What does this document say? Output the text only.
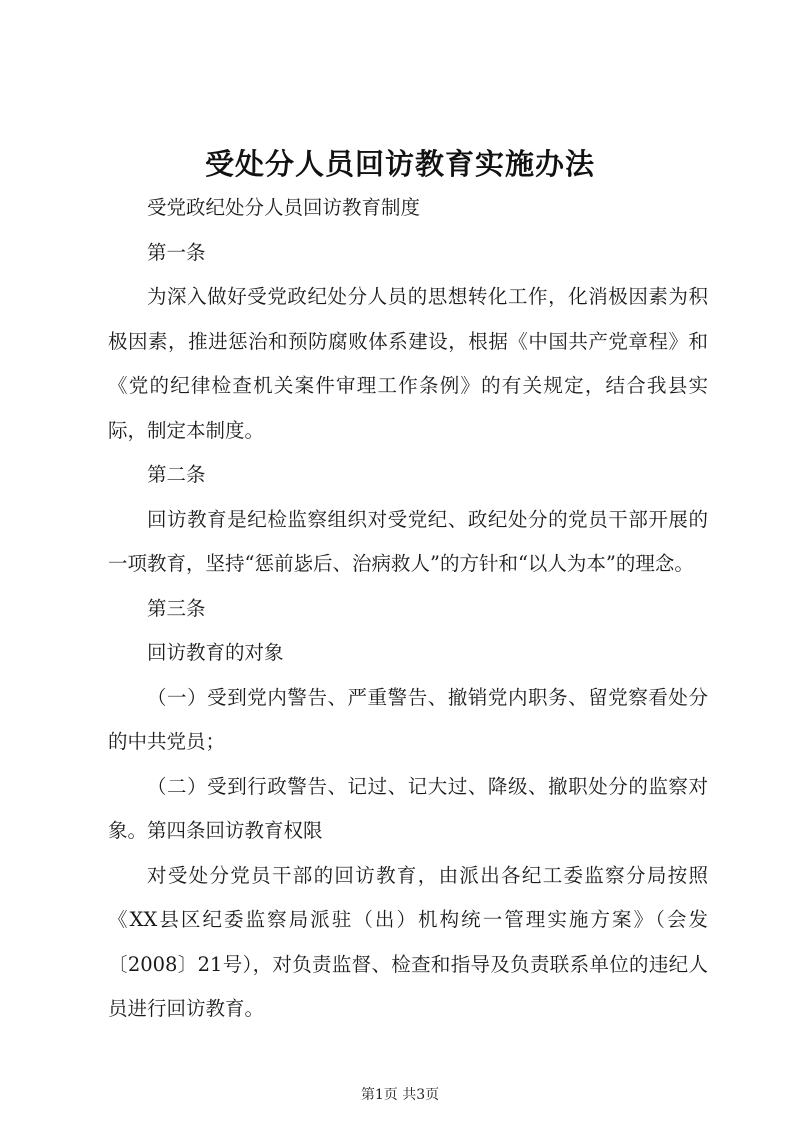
受处分人员回访教育实施办法

受党政纪处分人员回访教育制度

第一条

为深入做好受党政纪处分人员的思想转化工作，化消极因素为积极因素，推进惩治和预防腐败体系建设，根据《中国共产党章程》和《党的纪律检查机关案件审理工作条例》的有关规定，结合我县实际，制定本制度。

第二条

回访教育是纪检监察组织对受党纪、政纪处分的党员干部开展的一项教育，坚持“惩前毖后、治病救人”的方针和“以人为本”的理念。

第三条

回访教育的对象

（一）受到党内警告、严重警告、撤销党内职务、留党察看处分的中共党员；

（二）受到行政警告、记过、记大过、降级、撤职处分的监察对象。第四条回访教育权限

对受处分党员干部的回访教育，由派出各纪工委监察分局按照《XX县区纪委监察局派驻（出）机构统一管理实施方案》（会发〔2008〕21号），对负责监督、检查和指导及负责联系单位的违纪人员进行回访教育。

第1页 共3页
